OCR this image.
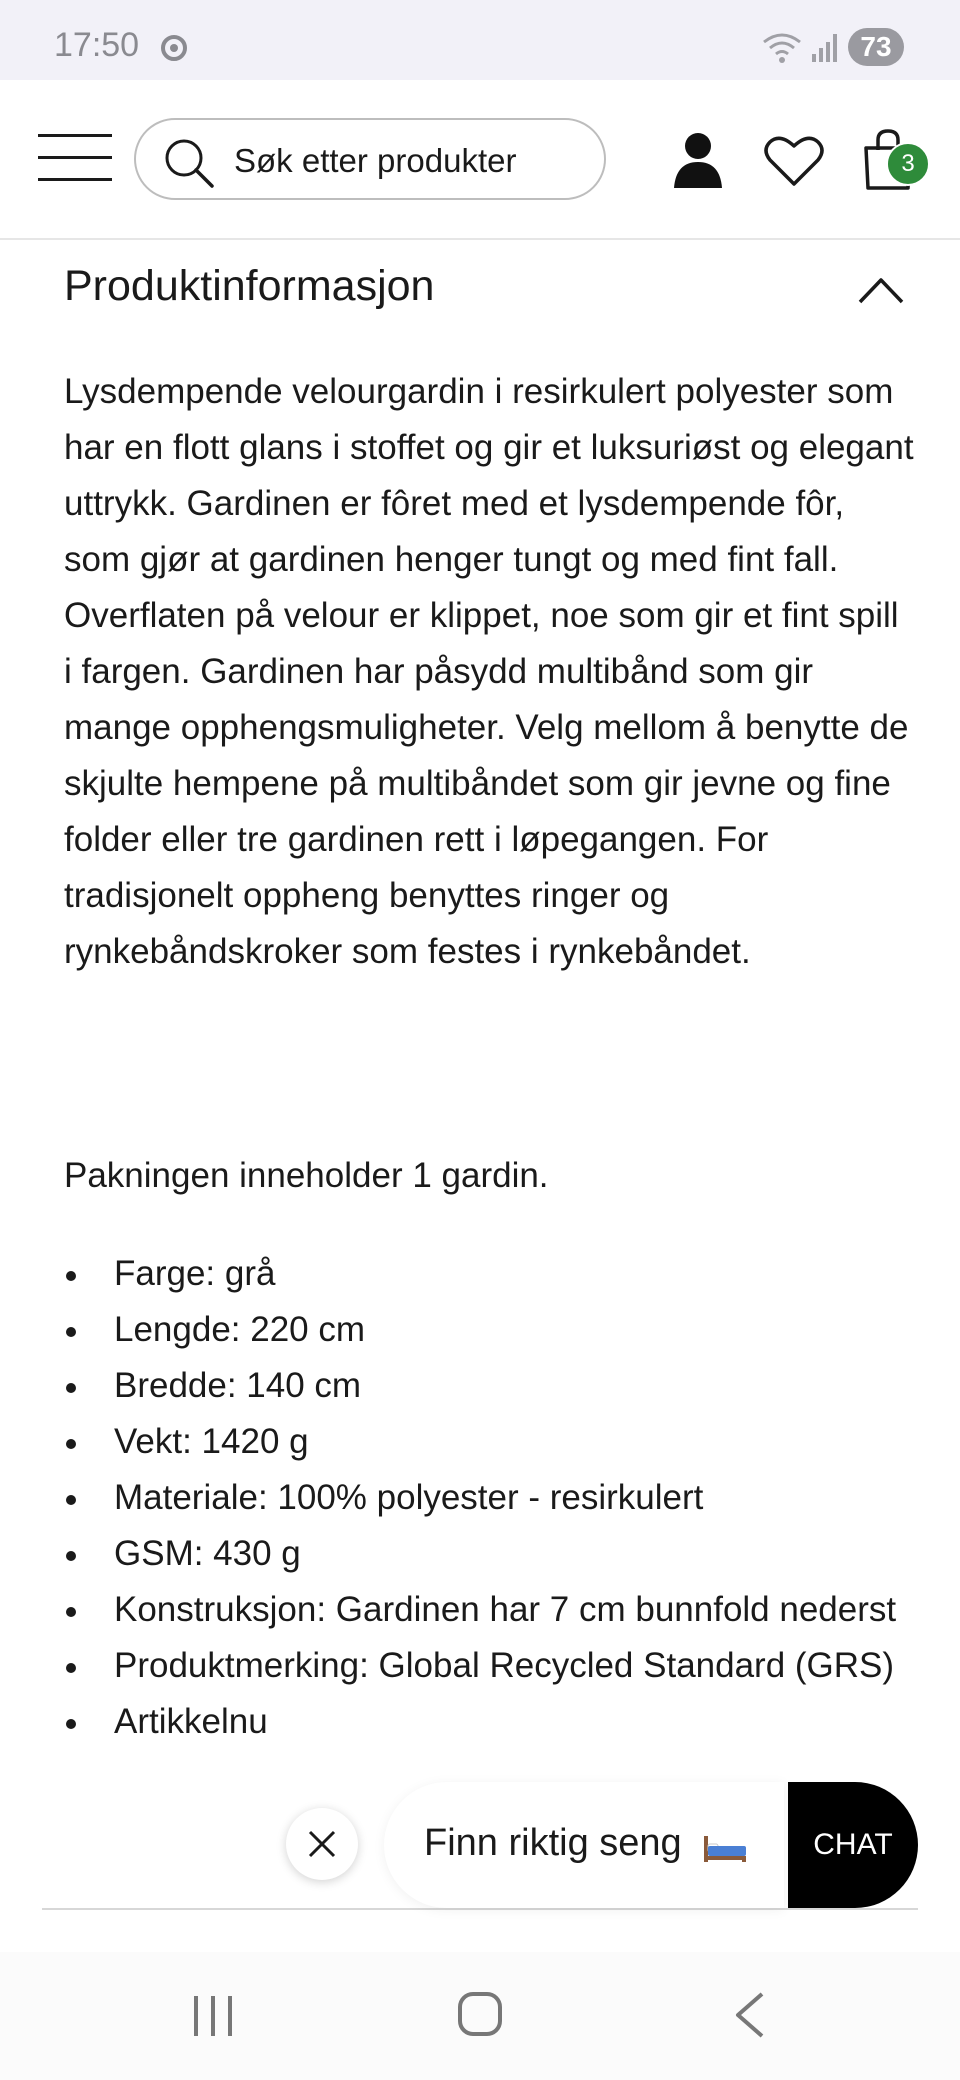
17:50	73
Søk etter produkter	3
Produktinformasjon
Lysdempende velourgardin i resirkulert polyester som har en flott glans i stoffet og gir et luksuriøst og elegant uttrykk. Gardinen er fôret med et lysdempende fôr, som gjør at gardinen henger tungt og med fint fall. Overflaten på velour er klippet, noe som gir et fint spill i fargen. Gardinen har påsydd multibånd som gir mange opphengsmuligheter. Velg mellom å benytte de skjulte hempene på multibåndet som gir jevne og fine folder eller tre gardinen rett i løpegangen. For tradisjonelt oppheng benyttes ringer og rynkebåndskroker som festes i rynkebåndet.
Pakningen inneholder 1 gardin.
Farge: grå
Lengde: 220 cm
Bredde: 140 cm
Vekt: 1420 g
Materiale: 100% polyester - resirkulert
GSM: 430 g
Konstruksjon: Gardinen har 7 cm bunnfold nederst
Produktmerking: Global Recycled Standard (GRS)
Artikkelnu
Finn riktig seng	CHAT
